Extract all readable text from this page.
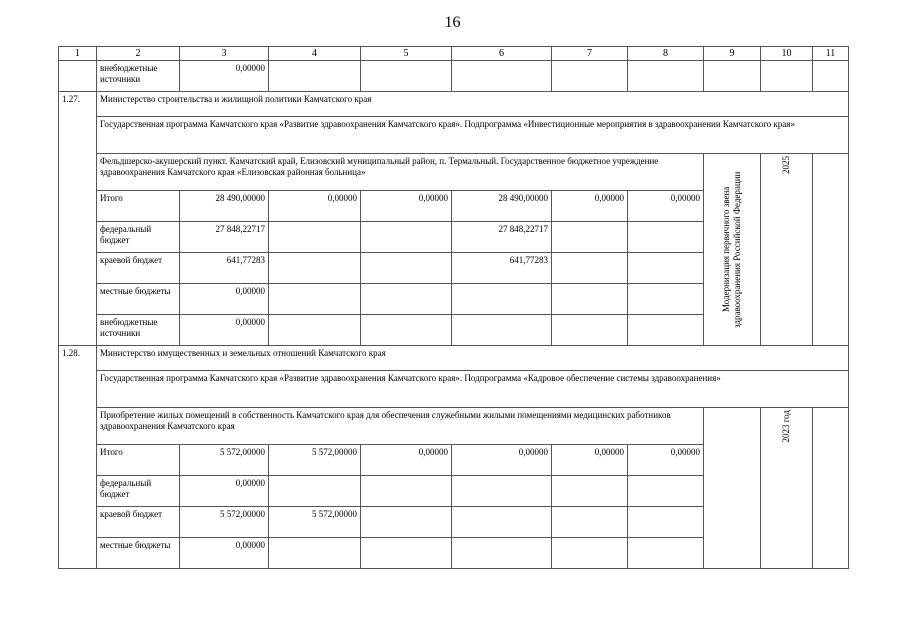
16
1	2	3	4	5	6	7	8	9	10	11
	внебюджетные источники	0,00000								
1.27.	Министерство строительства и жилищной политики Камчатского края									
	Государственная программа Камчатского края «Развитие здравоохранения Камчатского края». Подпрограмма «Инвестиционные мероприятия в здравоохранении Камчатского края»									
	Фельдшерско-акушерский пункт. Камчатский край, Елизовский муниципальный район, п. Термальный. Государственное бюджетное учреждение здравоохранения Камчатского края «Елизовская районная больница»							Модернизация первичного звена здравоохранения Российской Федерации	2025	
	Итого	28 490,00000	0,00000	0,00000	28 490,00000	0,00000	0,00000			
	федеральный бюджет	27 848,22717			27 848,22717					
	краевой бюджет	641,77283			641,77283					
	местные бюджеты	0,00000								
	внебюджетные источники	0,00000								
1.28.	Министерство имущественных и земельных отношений Камчатского края									
	Государственная программа Камчатского края «Развитие здравоохранения Камчатского края». Подпрограмма «Кадровое обеспечение системы здравоохранения»									
	Приобретение жилых помещений в собственность Камчатского края для обеспечения служебными жилыми помещениями медицинских работников здравоохранения Камчатского края								2023 год	
	Итого	5 572,00000	5 572,00000	0,00000	0,00000	0,00000	0,00000			
	федеральный бюджет	0,00000								
	краевой бюджет	5 572,00000	5 572,00000							
	местные бюджеты	0,00000								
